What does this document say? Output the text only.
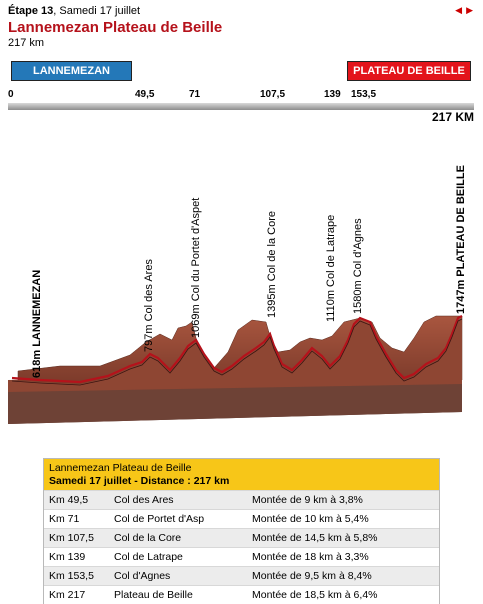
Étape 13, Samedi 17 juillet
Lannemezan Plateau de Beille
217 km
◀▶
LANNEMEZAN	PLATEAU DE BEILLE
0	49,5	71	107,5	139 153,5
217 KM
618m LANNEMEZAN	797m Col des Ares	1069m Col du Portet d'Aspet	1395m Col de la Core	1110m Col de Latrape 1580m Col d'Agnes	1747m PLATEAU DE BEILLE
Lannemezan Plateau de Beille
Samedi 17 juillet - Distance : 217 km
Km 49,5	Col des Ares	Montée de 9 km à 3,8%
Km 71	Col de Portet d'Asp	Montée de 10 km à 5,4%
Km 107,5	Col de la Core	Montée de 14,5 km à 5,8%
Km 139	Col de Latrape	Montée de 18 km à 3,3%
Km 153,5	Col d'Agnes	Montée de 9,5 km à 8,4%
Km 217	Plateau de Beille	Montée de 18,5 km à 6,4%
